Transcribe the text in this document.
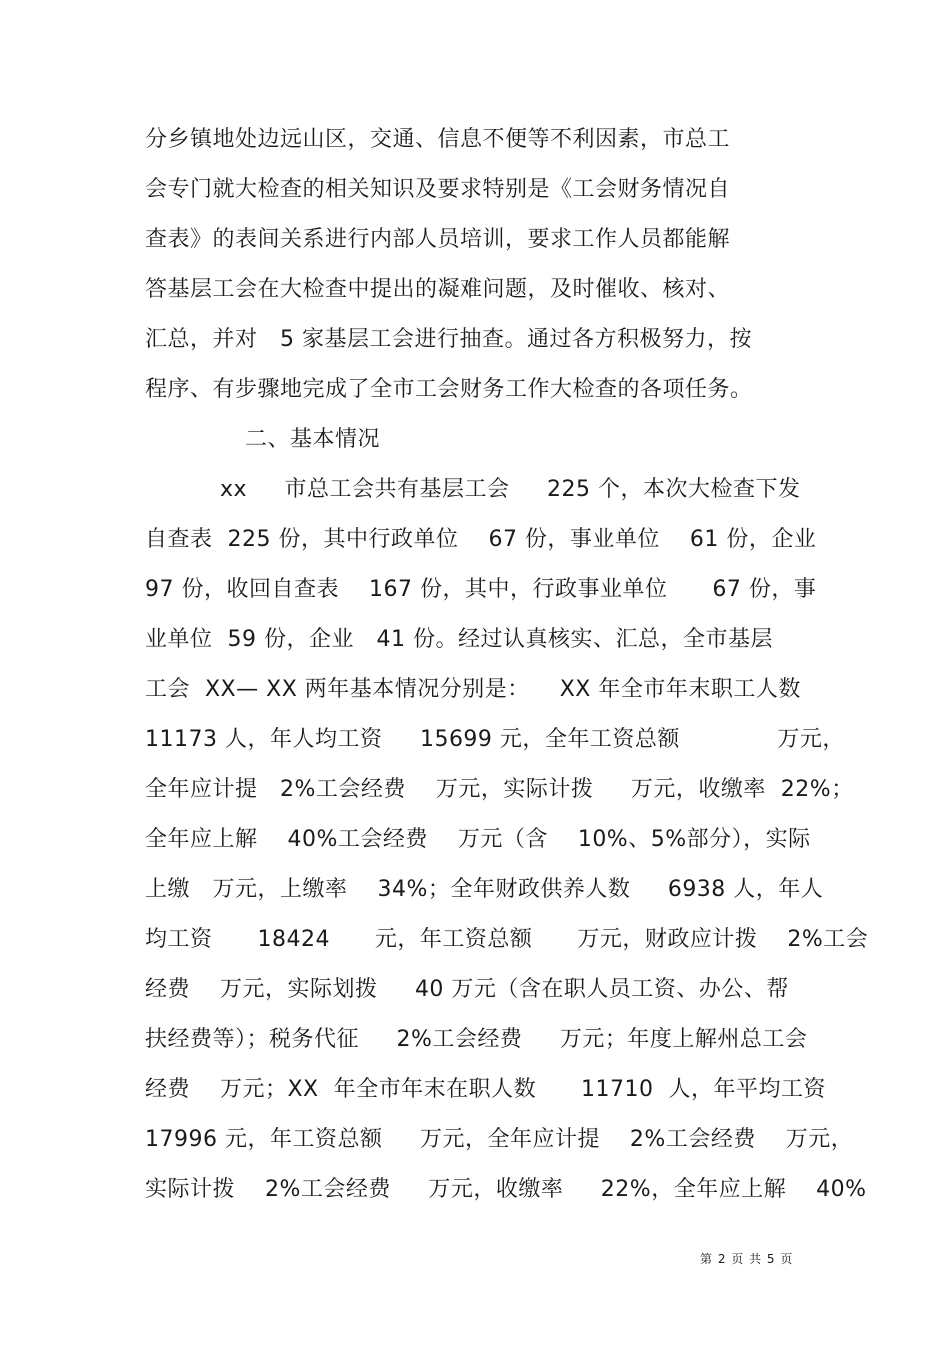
分乡镇地处边远山区，交通、信息不便等不利因素，市总工
会专门就大检查的相关知识及要求特别是《工会财务情况自
查表》的表间关系进行内部人员培训，要求工作人员都能解
答基层工会在大检查中提出的凝难问题，及时催收、核对、
汇总，并对   5 家基层工会进行抽查。通过各方积极努力，按
程序、有步骤地完成了全市工会财务工作大检查的各项任务。
二、基本情况
xx     市总工会共有基层工会     225 个，本次大检查下发
自查表  225 份，其中行政单位    67 份，事业单位    61 份，企业
97 份，收回自查表    167 份，其中，行政事业单位      67 份，事
业单位  59 份，企业   41 份。经过认真核实、汇总，全市基层
工会  XX— XX 两年基本情况分别是：    XX 年全市年末职工人数
11173 人，年人均工资     15699 元，全年工资总额             万元，
全年应计提   2%工会经费    万元，实际计拨     万元，收缴率  22%；
全年应上解    40%工会经费    万元（含    10%、5%部分），实际
上缴   万元，上缴率    34%；全年财政供养人数     6938 人，年人
均工资      18424      元，年工资总额      万元，财政应计拨    2%工会
经费    万元，实际划拨     40 万元（含在职人员工资、办公、帮
扶经费等）；税务代征     2%工会经费     万元；年度上解州总工会
经费    万元；XX  年全市年末在职人数      11710  人，年平均工资
17996 元，年工资总额     万元，全年应计提    2%工会经费    万元，
实际计拨    2%工会经费     万元，收缴率     22%，全年应上解    40%
第 2 页 共 5 页
